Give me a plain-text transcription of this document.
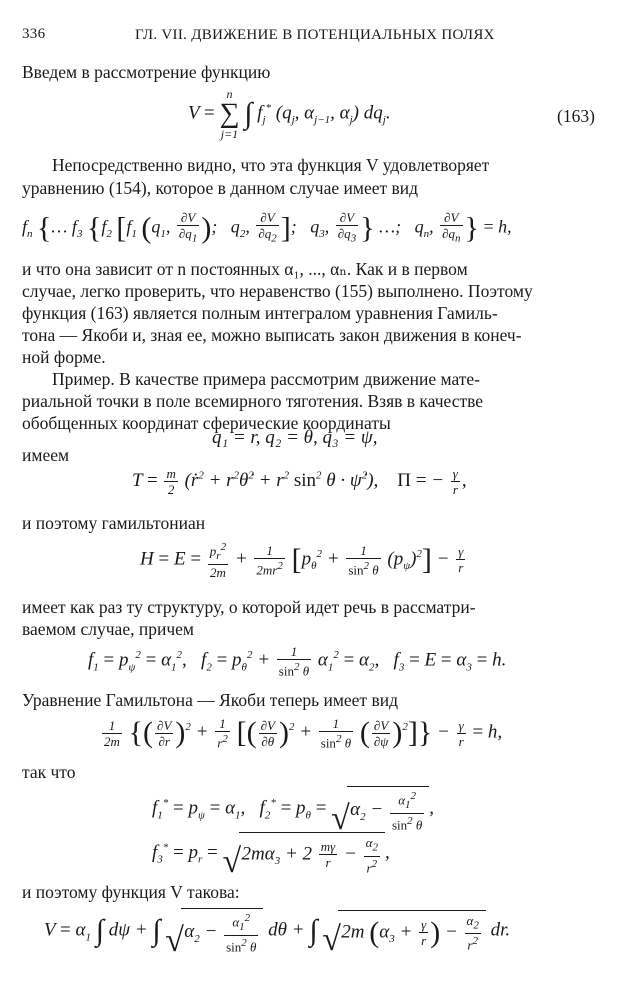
336	ГЛ. VII. ДВИЖЕНИЕ В ПОТЕНЦИАЛЬНЫХ ПОЛЯХ
Введем в рассмотрение функцию
V =
n
∑
j=1
∫ $f_j^*$ ($q_j$, $\alpha_{j-1}$, $\alpha_j$) $dq_j$.	(163)
Непосредственно видно, что эта функция V удовлетворяет
уравнению (154), которое в данном случае имеет вид
$f_n$ {… $f_3$ {$f_2$ [$f_1$ ($q_1$, $\frac{\partial V}{\partial q_1}$ );   $q_2$, $\frac{\partial V}{\partial q_2}$ ];   $q_3$, $\frac{\partial V}{\partial q_3}$ } …;   $q_n$, $\frac{\partial V}{\partial q_n}$ } = h,
и что она зависит от n постоянных α₁, ..., αₙ. Как и в первом
случае, легко проверить, что неравенство (155) выполнено. Поэтому
функция (163) является полным интегралом уравнения Гамиль-
тона — Якоби и, зная ее, можно выписать закон движения в конеч-
ной форме.
Пример. В качестве примера рассмотрим движение мате-
риальной точки в поле всемирного тяготения. Взяв в качестве
обобщенных координат сферические координаты
q₁ = r, q₂ = θ, q₃ = ψ,
имеем
$T = \frac{m}{2}$ (ṙ$^2$ + $r^2\thetȧ^2 + r^2$ $\sin^2 \theta$ · ψ̇$^2$),    П = − $\frac{\gamma}{r}$ ,
и поэтому гамильтониан
$H = E = \frac{p_r^2}{2m} + \frac{1}{2mr^2} [p_\theta^2 + \frac{1}{\sin^2 \theta} (p_\psi)^2] - \frac{\gamma}{r}$
имеет как раз ту структуру, о которой идет речь в рассматри-
ваемом случае, причем
$f_1 = p_\psi^2 = \alpha_1^2$,   $f_2 = p_\theta^2 + \frac{1}{\sin^2 \theta} \alpha_1^2 = \alpha_2$,   $f_3 = E = \alpha_3 = h$.
Уравнение Гамильтона — Якоби теперь имеет вид
$\frac{1}{2m}$ {( $\frac{\partial V}{\partial r} )^2 + \frac{1}{r^2}$ [( $\frac{\partial V}{\partial\theta} )^2 + \frac{1}{\sin^2 \theta}$ ( $\frac{\partial V}{\partial\psi} )^2]\} - \frac{\gamma}{r} = h$,
так что
$f_1^* = p_\psi = \alpha_1$,   $f_2^* = p_\theta$ = √ $\alpha_2 - \frac{\alpha_1^2}{\sin^2 \theta}$ ,
$f_3^* = p_r$ = √ $2m\alpha_3 + 2 \frac{m\gamma}{r} - \frac{\alpha_2}{r^2}$ ,
и поэтому функция V такова:
$V = \alpha_1$ ∫ dψ + ∫ √ $\alpha_2 - \frac{\alpha_1^2}{\sin^2 \theta}$ dθ + ∫ √ 2m ($\alpha_3 + \frac{\gamma}{r}$ ) − $\frac{\alpha_2}{r^2}$ dr.
